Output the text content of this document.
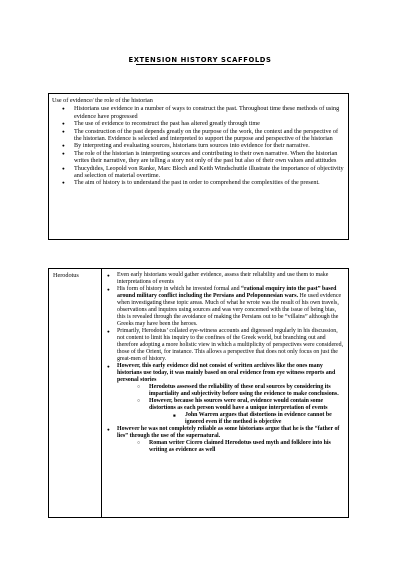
EXTENSION HISTORY SCAFFOLDS
Use of evidence/ the role of the historian
● Historians use evidence in a number of ways to construct the past. Throughout time these methods of using evidence have progressed
● The use of evidence to reconstruct the past has altered greatly through time
● The construction of the past depends greatly on the purpose of the work, the context and the perspective of the historian. Evidence is selected and interpreted to support the purpose and perspective of the historian
● By interpreting and evaluating sources, historians turn sources into evidence for their narrative.
● The role of the historian is interpreting sources and contributing to their own narrative. When the historian writes their narrative, they are telling a story not only of the past but also of their own values and attitudes
● Thucydides, Leopold von Ranke, Marc Bloch and Keith Windschuttle illustrate the importance of objectivity and selection of material overtime.
● The aim of history is to understand the past in order to comprehend the complexities of the present.
Herodotus
●	Even early historians would gather evidence, assess their reliability and use them to make interpretations of events
● His form of history in which he invested formal and “rational enquiry into the past” based around military conflict including the Persians and Peloponnesian wars. He used evidence when investigating these topic areas. Much of what he wrote was the result of his own travels, observations and inquires using sources and was very concerned with the issue of being bias, this is revealed through the avoidance of making the Persians out to be “villains” although the Greeks may have been the heroes.
● Primarily, Herodotus’ collated eye-witness accounts and digressed regularly in his discussion, not content to limit his inquiry to the confines of the Greek world, but branching out and therefore adopting a more holistic view in which a multiplicity of perspectives were considered, those of the Orient, for instance. This allows a perspective that does not only focus on just the great-men of history.
● However, this early evidence did not consist of written archives like the ones many historians use today, it was mainly based on oral evidence from eye witness reports and personal stories
○ Herodotus assessed the reliability of these oral sources by considering its impartiality and subjectivity before using the evidence to make conclusions.
○ However, because his sources were oral, evidence would contain some distortions as each person would have a unique interpretation of events
■ John Warren argues that distortions in evidence cannot be ignored even if the method is objective
● However he was not completely reliable as some historians argue that he is the “father of lies” through the use of the supernatural.
○ Roman writer Cicero claimed Herodotus used myth and folklore into his writing as evidence as well
